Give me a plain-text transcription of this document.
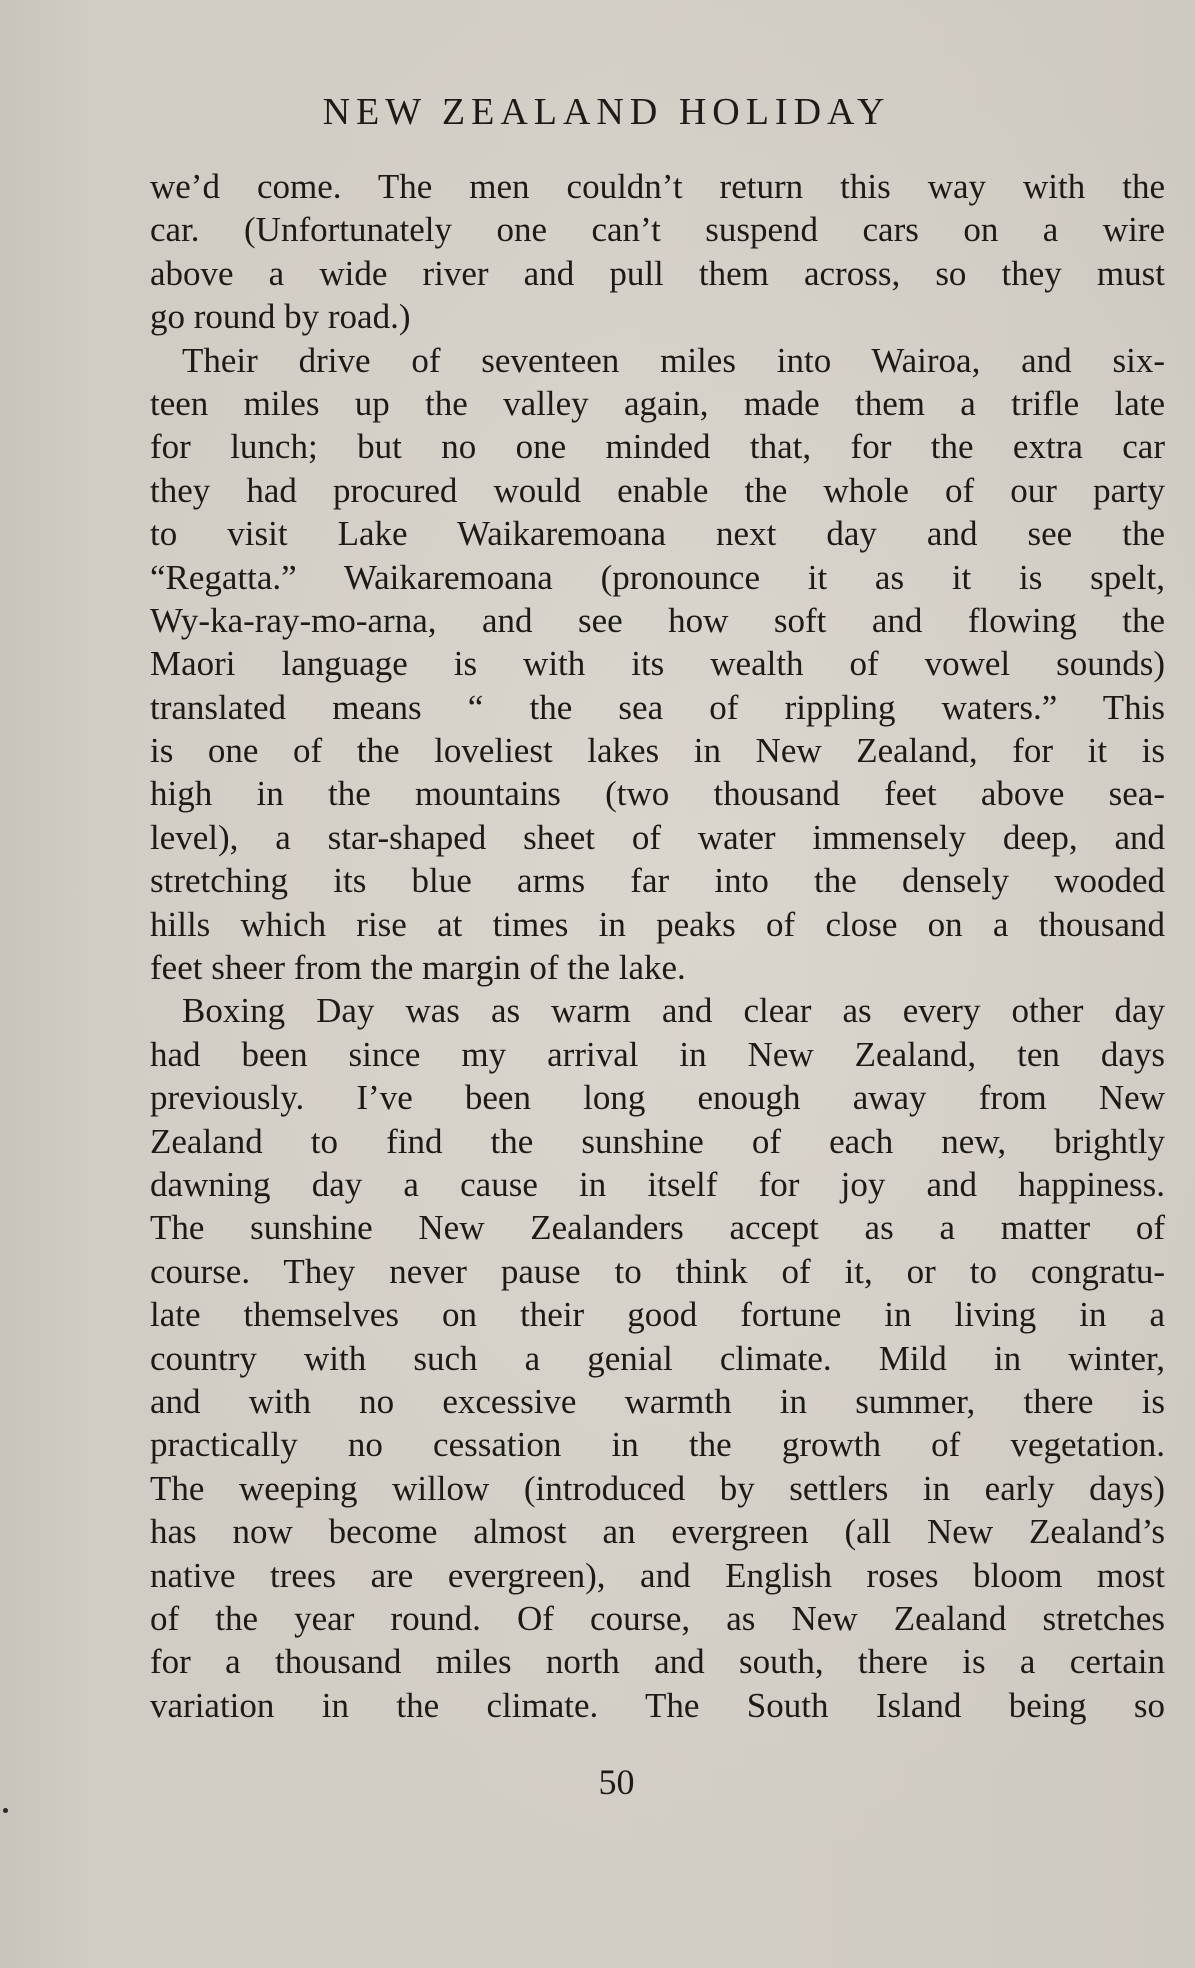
NEW ZEALAND HOLIDAY
we’d come. The men couldn’t return this way with the
car. (Unfortunately one can’t suspend cars on a wire
above a wide river and pull them across, so they must
go round by road.)
Their drive of seventeen miles into Wairoa, and six-
teen miles up the valley again, made them a trifle late
for lunch; but no one minded that, for the extra car
they had procured would enable the whole of our party
to visit Lake Waikaremoana next day and see the
“Regatta.” Waikaremoana (pronounce it as it is spelt,
Wy-ka-ray-mo-arna, and see how soft and flowing the
Maori language is with its wealth of vowel sounds)
translated means “ the sea of rippling waters.” This
is one of the loveliest lakes in New Zealand, for it is
high in the mountains (two thousand feet above sea-
level), a star-shaped sheet of water immensely deep, and
stretching its blue arms far into the densely wooded
hills which rise at times in peaks of close on a thousand
feet sheer from the margin of the lake.
Boxing Day was as warm and clear as every other day
had been since my arrival in New Zealand, ten days
previously. I’ve been long enough away from New
Zealand to find the sunshine of each new, brightly
dawning day a cause in itself for joy and happiness.
The sunshine New Zealanders accept as a matter of
course. They never pause to think of it, or to congratu-
late themselves on their good fortune in living in a
country with such a genial climate. Mild in winter,
and with no excessive warmth in summer, there is
practically no cessation in the growth of vegetation.
The weeping willow (introduced by settlers in early days)
has now become almost an evergreen (all New Zealand’s
native trees are evergreen), and English roses bloom most
of the year round. Of course, as New Zealand stretches
for a thousand miles north and south, there is a certain
variation in the climate. The South Island being so
50
